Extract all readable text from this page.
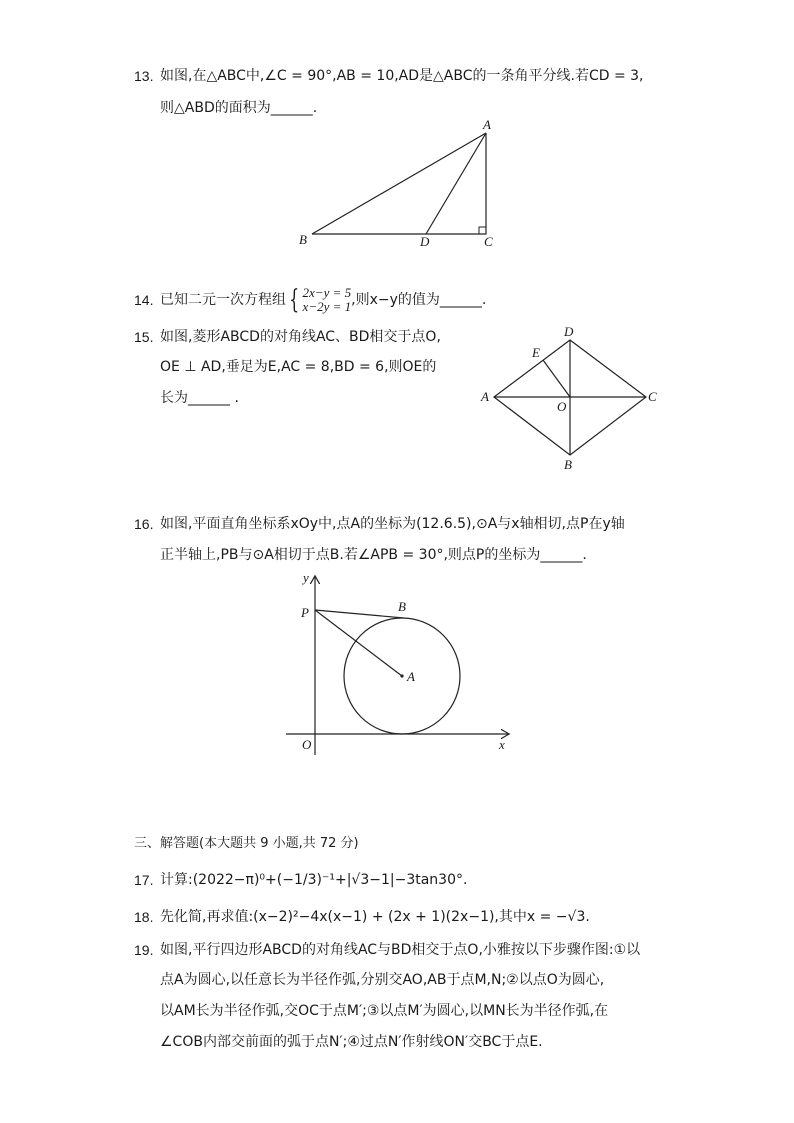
13. 如图,在△ABC中,∠C = 90°,AB = 10,AD是△ABC的一条角平分线.若CD = 3,
则△ABD的面积为______.
A
B	D	C
14. 已知二元一次方程组 { 2x−y = 5
x−2y = 1,则x−y的值为______.
15. 如图,菱形ABCD的对角线AC、BD相交于点O,
OE ⊥ AD,垂足为E,AC = 8,BD = 6,则OE的
长为______ .
D
E
A
O
C
B
16. 如图,平面直角坐标系xOy中,点A的坐标为(12.6.5),⊙A与x轴相切,点P在y轴
正半轴上,PB与⊙A相切于点B.若∠APB = 30°,则点P的坐标为______.
y
P	B
A
O	x
三、解答题(本大题共 9 小题,共 72 分)
17. 计算:(2022−π)⁰+(−1/3)⁻¹+|√3−1|−3tan30°.
18. 先化简,再求值:(x−2)²−4x(x−1) + (2x + 1)(2x−1),其中x = −√3.
19. 如图,平行四边形ABCD的对角线AC与BD相交于点O,小雅按以下步骤作图:①以
点A为圆心,以任意长为半径作弧,分别交AO,AB于点M,N;②以点O为圆心,
以AM长为半径作弧,交OC于点M′;③以点M′为圆心,以MN长为半径作弧,在
∠COB内部交前面的弧于点N′;④过点N′作射线ON′交BC于点E.
